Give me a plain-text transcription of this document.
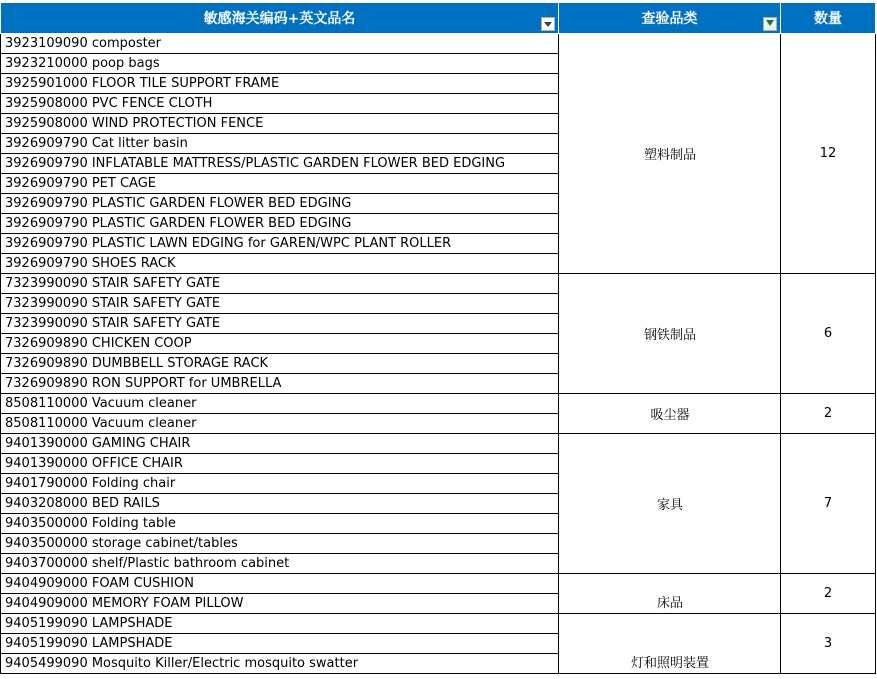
敏感海关编码+英文品名	查验品类	数量
3923109090 composter
3923210000 poop bags
3925901000 FLOOR TILE SUPPORT FRAME
3925908000 PVC FENCE CLOTH
3925908000 WIND PROTECTION FENCE
3926909790 Cat litter basin
3926909790 INFLATABLE MATTRESS/PLASTIC GARDEN FLOWER BED EDGING
3926909790 PET CAGE
3926909790 PLASTIC GARDEN FLOWER BED EDGING
3926909790 PLASTIC GARDEN FLOWER BED EDGING
3926909790 PLASTIC LAWN EDGING for GAREN/WPC PLANT ROLLER
3926909790 SHOES RACK
7323990090 STAIR SAFETY GATE
7323990090 STAIR SAFETY GATE
7323990090 STAIR SAFETY GATE
7326909890 CHICKEN COOP
7326909890 DUMBBELL STORAGE RACK
7326909890 RON SUPPORT for UMBRELLA
8508110000 Vacuum cleaner
8508110000 Vacuum cleaner
9401390000 GAMING CHAIR
9401390000 OFFICE CHAIR
9401790000 Folding chair
9403208000 BED RAILS
9403500000 Folding table
9403500000 storage cabinet/tables
9403700000 shelf/Plastic bathroom cabinet
9404909000 FOAM CUSHION
9404909000 MEMORY FOAM PILLOW
9405199090 LAMPSHADE
9405199090 LAMPSHADE
9405499090 Mosquito Killer/Electric mosquito swatter
塑料制品
钢铁制品
吸尘器
家具
床品
灯和照明装置
12
6
2
7
2
3
